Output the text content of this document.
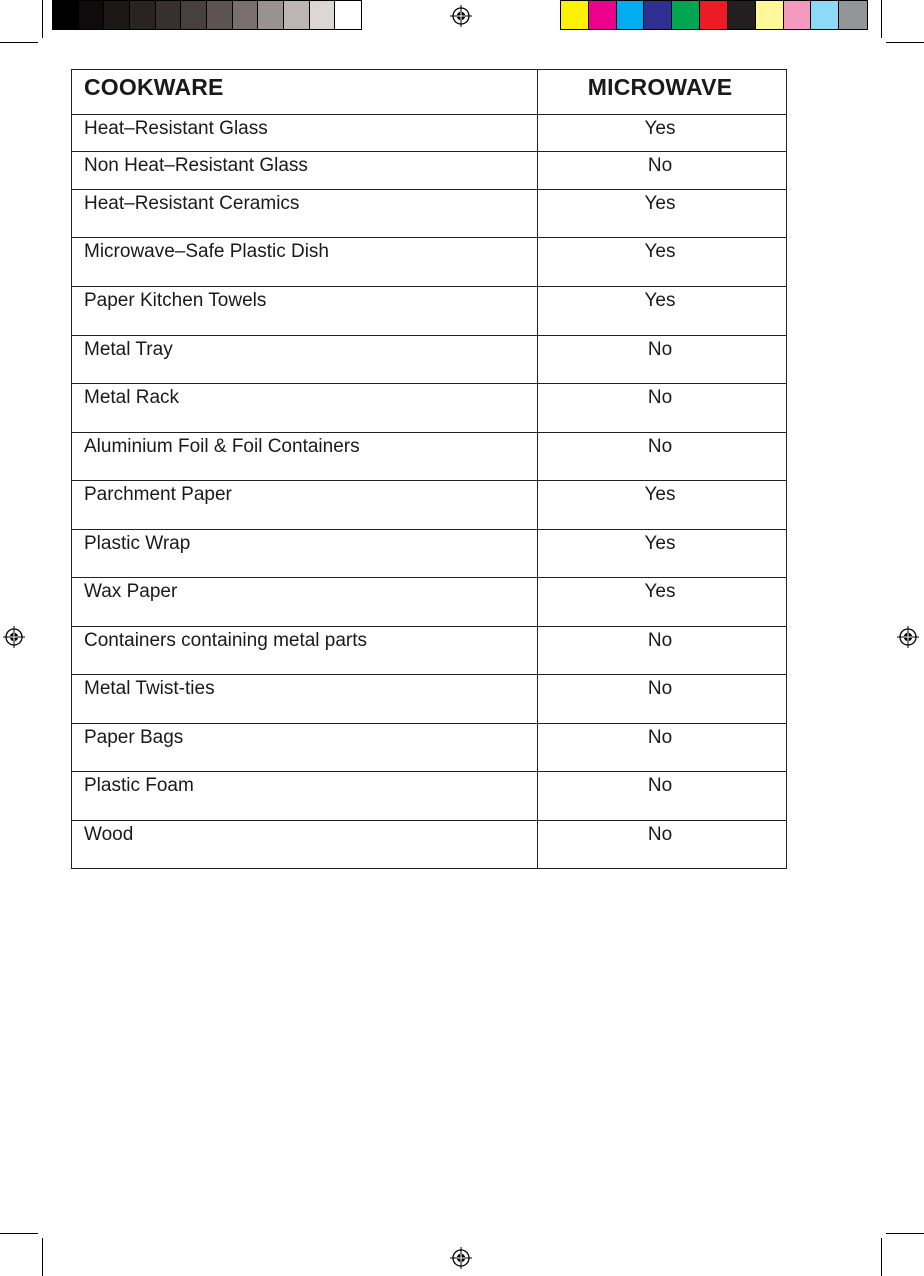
COOKWARE	MICROWAVE

Heat–Resistant Glass	Yes

Non Heat–Resistant Glass	No

Heat–Resistant Ceramics	Yes

Microwave–Safe Plastic Dish	Yes

Paper Kitchen Towels	Yes

Metal Tray	No

Metal Rack	No

Aluminium Foil & Foil Containers	No

Parchment Paper	Yes

Plastic Wrap	Yes

Wax Paper	Yes

Containers containing metal parts	No

Metal Twist-ties	No

Paper Bags	No

Plastic Foam	No

Wood	No
